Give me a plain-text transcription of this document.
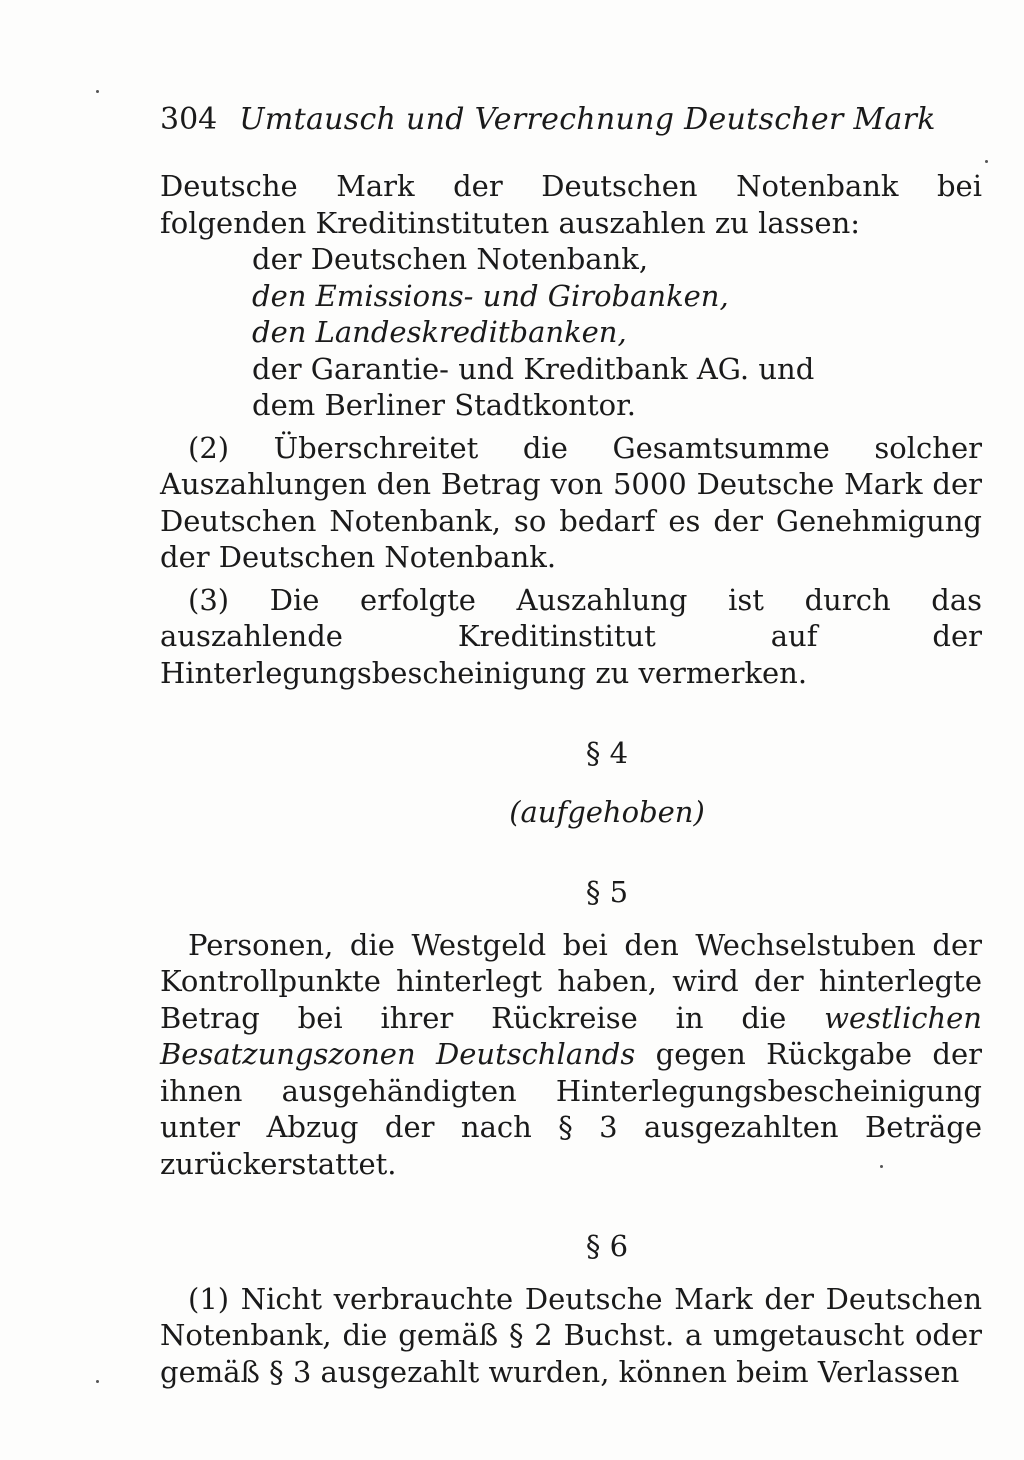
304 Umtausch und Verrechnung Deutscher Mark

Deutsche Mark der Deutschen Notenbank bei folgenden Kreditinstituten auszahlen zu lassen:

der Deutschen Notenbank,
den Emissions- und Girobanken,
den Landeskreditbanken,
der Garantie- und Kreditbank AG. und
dem Berliner Stadtkontor.

(2) Überschreitet die Gesamtsumme solcher Auszahlungen den Betrag von 5000 Deutsche Mark der Deutschen Notenbank, so bedarf es der Genehmigung der Deutschen Notenbank.

(3) Die erfolgte Auszahlung ist durch das auszahlende Kreditinstitut auf der Hinterlegungsbescheinigung zu vermerken.

§ 4

(aufgehoben)

§ 5

Personen, die Westgeld bei den Wechselstuben der Kontrollpunkte hinterlegt haben, wird der hinterlegte Betrag bei ihrer Rückreise in die westlichen Besatzungszonen Deutschlands gegen Rückgabe der ihnen ausgehändigten Hinterlegungsbescheinigung unter Abzug der nach § 3 ausgezahlten Beträge zurückerstattet.

§ 6

(1) Nicht verbrauchte Deutsche Mark der Deutschen Notenbank, die gemäß § 2 Buchst. a umgetauscht oder gemäß § 3 ausgezahlt wurden, können beim Verlassen
